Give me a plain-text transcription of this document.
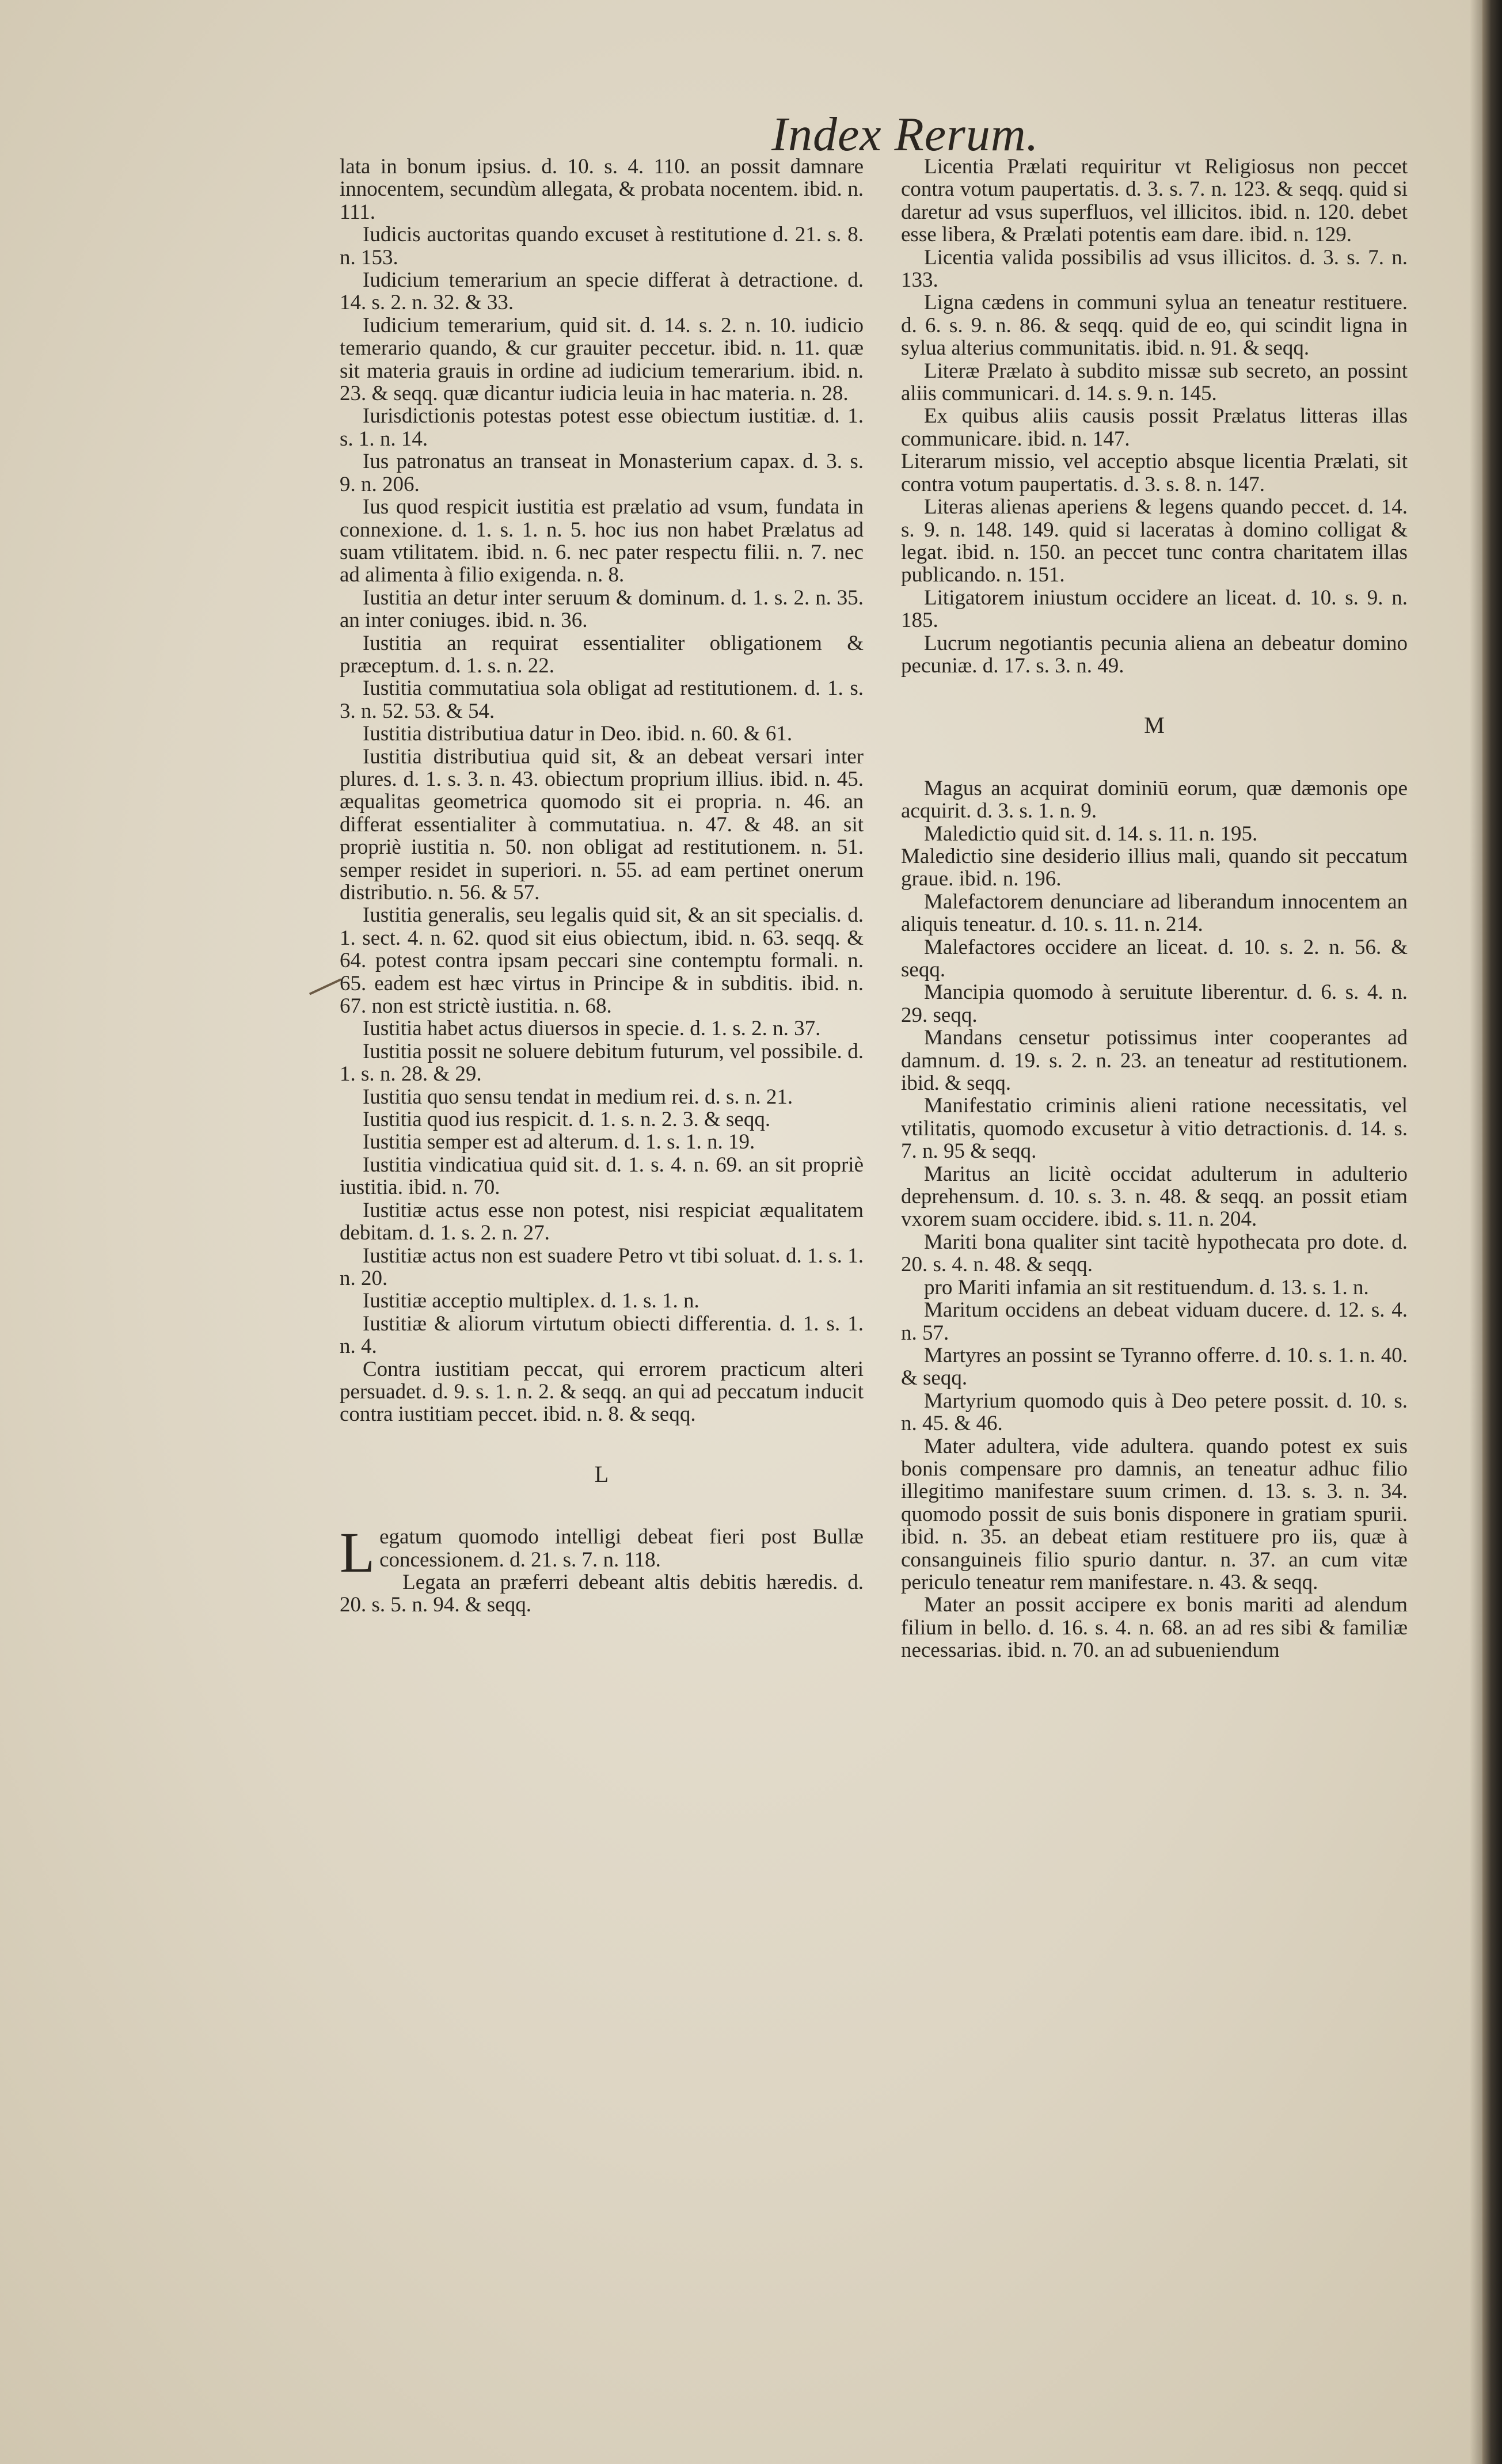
Index Rerum.

lata in bonum ipsius. d. 10. s. 4. 110. an possit damnare innocentem, secundùm allegata, & probata nocentem. ibid. n. 111.

Iudicis auctoritas quando excuset à restitutione d. 21. s. 8. n. 153.

Iudicium temerarium an specie differat à detractione. d. 14. s. 2. n. 32. & 33.

Iudicium temerarium, quid sit. d. 14. s. 2. n. 10. iudicio temerario quando, & cur grauiter peccetur. ibid. n. 11. quæ sit materia grauis in ordine ad iudicium temerarium. ibid. n. 23. & seqq. quæ dicantur iudicia leuia in hac materia. n. 28.

Iurisdictionis potestas potest esse obiectum iustitiæ. d. 1. s. 1. n. 14.

Ius patronatus an transeat in Monasterium capax. d. 3. s. 9. n. 206.

Ius quod respicit iustitia est prælatio ad vsum, fundata in connexione. d. 1. s. 1. n. 5. hoc ius non habet Prælatus ad suam vtilitatem. ibid. n. 6. nec pater respectu filii. n. 7. nec ad alimenta à filio exigenda. n. 8.

Iustitia an detur inter seruum & dominum. d. 1. s. 2. n. 35. an inter coniuges. ibid. n. 36.

Iustitia an requirat essentialiter obligationem & præceptum. d. 1. s. n. 22.

Iustitia commutatiua sola obligat ad restitutionem. d. 1. s. 3. n. 52. 53. & 54.

Iustitia distributiua datur in Deo. ibid. n. 60. & 61.

Iustitia distributiua quid sit, & an debeat versari inter plures. d. 1. s. 3. n. 43. obiectum proprium illius. ibid. n. 45. æqualitas geometrica quomodo sit ei propria. n. 46. an differat essentialiter à commutatiua. n. 47. & 48. an sit propriè iustitia n. 50. non obligat ad restitutionem. n. 51. semper residet in superiori. n. 55. ad eam pertinet onerum distributio. n. 56. & 57.

Iustitia generalis, seu legalis quid sit, & an sit specialis. d. 1. sect. 4. n. 62. quod sit eius obiectum, ibid. n. 63. seqq. & 64. potest contra ipsam peccari sine contemptu formali. n. 65. eadem est hæc virtus in Principe & in subditis. ibid. n. 67. non est strictè iustitia. n. 68.

Iustitia habet actus diuersos in specie. d. 1. s. 2. n. 37.

Iustitia possit ne soluere debitum futurum, vel possibile. d. 1. s. n. 28. & 29.

Iustitia quo sensu tendat in medium rei. d. s. n. 21.

Iustitia quod ius respicit. d. 1. s. n. 2. 3. & seqq.

Iustitia semper est ad alterum. d. 1. s. 1. n. 19.

Iustitia vindicatiua quid sit. d. 1. s. 4. n. 69. an sit propriè iustitia. ibid. n. 70.

Iustitiæ actus esse non potest, nisi respiciat æqualitatem debitam. d. 1. s. 2. n. 27.

Iustitiæ actus non est suadere Petro vt tibi soluat. d. 1. s. 1. n. 20.

Iustitiæ acceptio multiplex. d. 1. s. 1. n.

Iustitiæ & aliorum virtutum obiecti differentia. d. 1. s. 1. n. 4.

Contra iustitiam peccat, qui errorem practicum alteri persuadet. d. 9. s. 1. n. 2. & seqq. an qui ad peccatum inducit contra iustitiam peccet. ibid. n. 8. & seqq.

L

Legatum quomodo intelligi debeat fieri post Bullæ concessionem. d. 21. s. 7. n. 118.

Legata an præferri debeant altis debitis hæredis. d. 20. s. 5. n. 94. & seqq.

Licentia Prælati requiritur vt Religiosus non peccet contra votum paupertatis. d. 3. s. 7. n. 123. & seqq. quid si daretur ad vsus superfluos, vel illicitos. ibid. n. 120. debet esse libera, & Prælati potentis eam dare. ibid. n. 129.

Licentia valida possibilis ad vsus illicitos. d. 3. s. 7. n. 133.

Ligna cædens in communi sylua an teneatur restituere. d. 6. s. 9. n. 86. & seqq. quid de eo, qui scindit ligna in sylua alterius communitatis. ibid. n. 91. & seqq.

Literæ Prælato à subdito missæ sub secreto, an possint aliis communicari. d. 14. s. 9. n. 145.

Ex quibus aliis causis possit Prælatus litteras illas communicare. ibid. n. 147.

Literarum missio, vel acceptio absque licentia Prælati, sit contra votum paupertatis. d. 3. s. 8. n. 147.

Literas alienas aperiens & legens quando peccet. d. 14. s. 9. n. 148. 149. quid si laceratas à domino colligat & legat. ibid. n. 150. an peccet tunc contra charitatem illas publicando. n. 151.

Litigatorem iniustum occidere an liceat. d. 10. s. 9. n. 185.

Lucrum negotiantis pecunia aliena an debeatur domino pecuniæ. d. 17. s. 3. n. 49.

M

Magus an acquirat dominiū eorum, quæ dæmonis ope acquirit. d. 3. s. 1. n. 9.

Maledictio quid sit. d. 14. s. 11. n. 195.

Maledictio sine desiderio illius mali, quando sit peccatum graue. ibid. n. 196.

Malefactorem denunciare ad liberandum innocentem an aliquis teneatur. d. 10. s. 11. n. 214.

Malefactores occidere an liceat. d. 10. s. 2. n. 56. & seqq.

Mancipia quomodo à seruitute liberentur. d. 6. s. 4. n. 29. seqq.

Mandans censetur potissimus inter cooperantes ad damnum. d. 19. s. 2. n. 23. an teneatur ad restitutionem. ibid. & seqq.

Manifestatio criminis alieni ratione necessitatis, vel vtilitatis, quomodo excusetur à vitio detractionis. d. 14. s. 7. n. 95 & seqq.

Maritus an licitè occidat adulterum in adulterio deprehensum. d. 10. s. 3. n. 48. & seqq. an possit etiam vxorem suam occidere. ibid. s. 11. n. 204.

Mariti bona qualiter sint tacitè hypothecata pro dote. d. 20. s. 4. n. 48. & seqq.

pro Mariti infamia an sit restituendum. d. 13. s. 1. n.

Maritum occidens an debeat viduam ducere. d. 12. s. 4. n. 57.

Martyres an possint se Tyranno offerre. d. 10. s. 1. n. 40. & seqq.

Martyrium quomodo quis à Deo petere possit. d. 10. s. n. 45. & 46.

Mater adultera, vide adultera. quando potest ex suis bonis compensare pro damnis, an teneatur adhuc filio illegitimo manifestare suum crimen. d. 13. s. 3. n. 34. quomodo possit de suis bonis disponere in gratiam spurii. ibid. n. 35. an debeat etiam restituere pro iis, quæ à consanguineis filio spurio dantur. n. 37. an cum vitæ periculo teneatur rem manifestare. n. 43. & seqq.

Mater an possit accipere ex bonis mariti ad alendum filium in bello. d. 16. s. 4. n. 68. an ad res sibi & familiæ necessarias. ibid. n. 70. an ad subueniendum
